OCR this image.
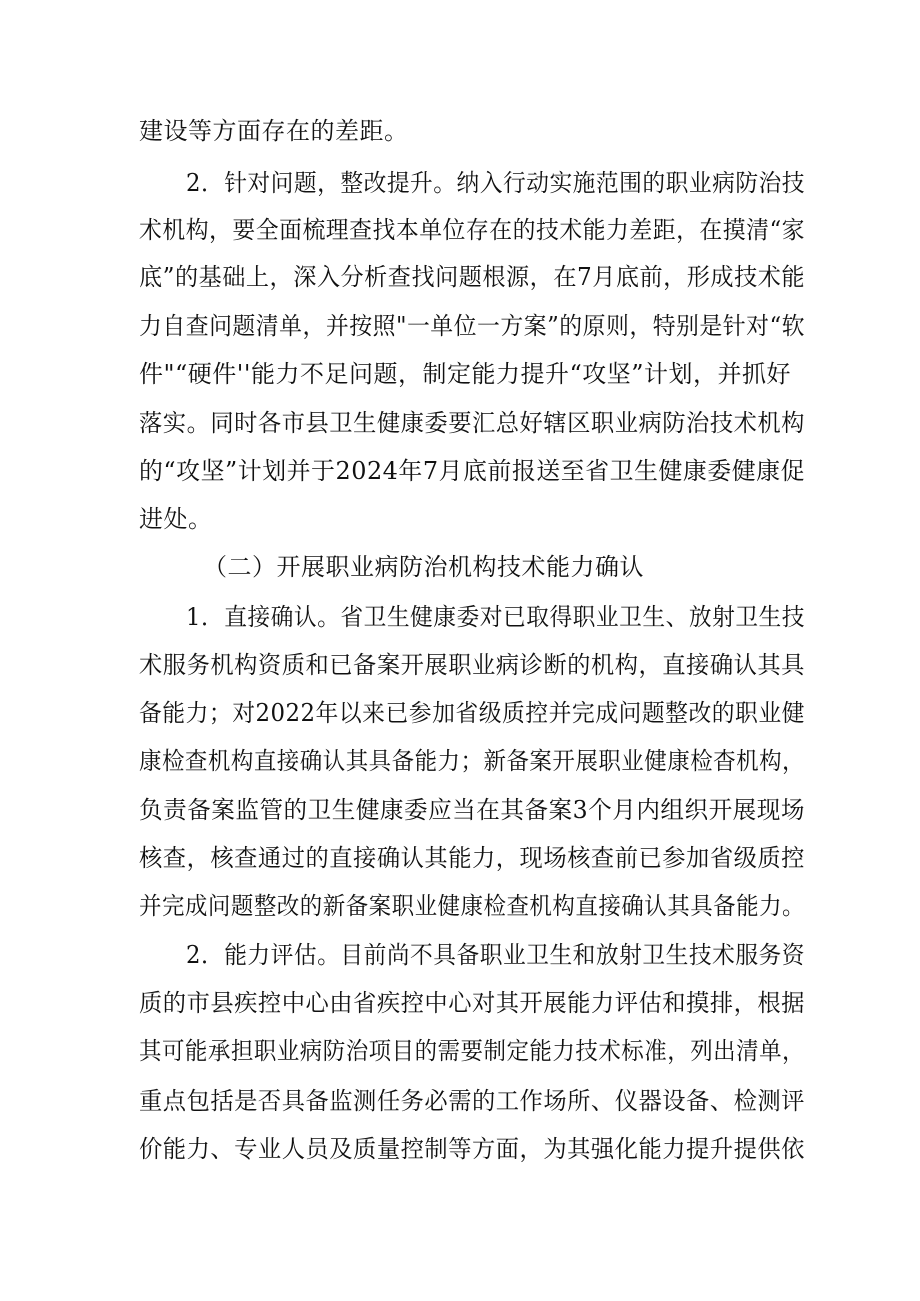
建设等方面存在的差距。
2．针对问题，整改提升。纳入行动实施范围的职业病防治技
术机构，要全面梳理查找本单位存在的技术能力差距，在摸清“家
底”的基础上，深入分析查找问题根源，在7月底前，形成技术能
力自查问题清单，并按照"一单位一方案”的原则，特别是针对“软
件"“硬件''能力不足问题，制定能力提升“攻坚”计划，并抓好
落实。同时各市县卫生健康委要汇总好辖区职业病防治技术机构
的“攻坚”计划并于2024年7月底前报送至省卫生健康委健康促
进处。
（二）开展职业病防治机构技术能力确认
1．直接确认。省卫生健康委对已取得职业卫生、放射卫生技
术服务机构资质和已备案开展职业病诊断的机构，直接确认其具
备能力；对2022年以来已参加省级质控并完成问题整改的职业健
康检查机构直接确认其具备能力；新备案开展职业健康检杳机构，
负责备案监管的卫生健康委应当在其备案3个月内组织开展现场
核查，核查通过的直接确认其能力，现场核查前已参加省级质控
并完成问题整改的新备案职业健康检查机构直接确认其具备能力。
2．能力评估。目前尚不具备职业卫生和放射卫生技术服务资
质的市县疾控中心由省疾控中心对其开展能力评估和摸排，根据
其可能承担职业病防治项目的需要制定能力技术标准，列出清单，
重点包括是否具备监测任务必需的工作场所、仪器设备、检测评
价能力、专业人员及质量控制等方面，为其强化能力提升提供依
